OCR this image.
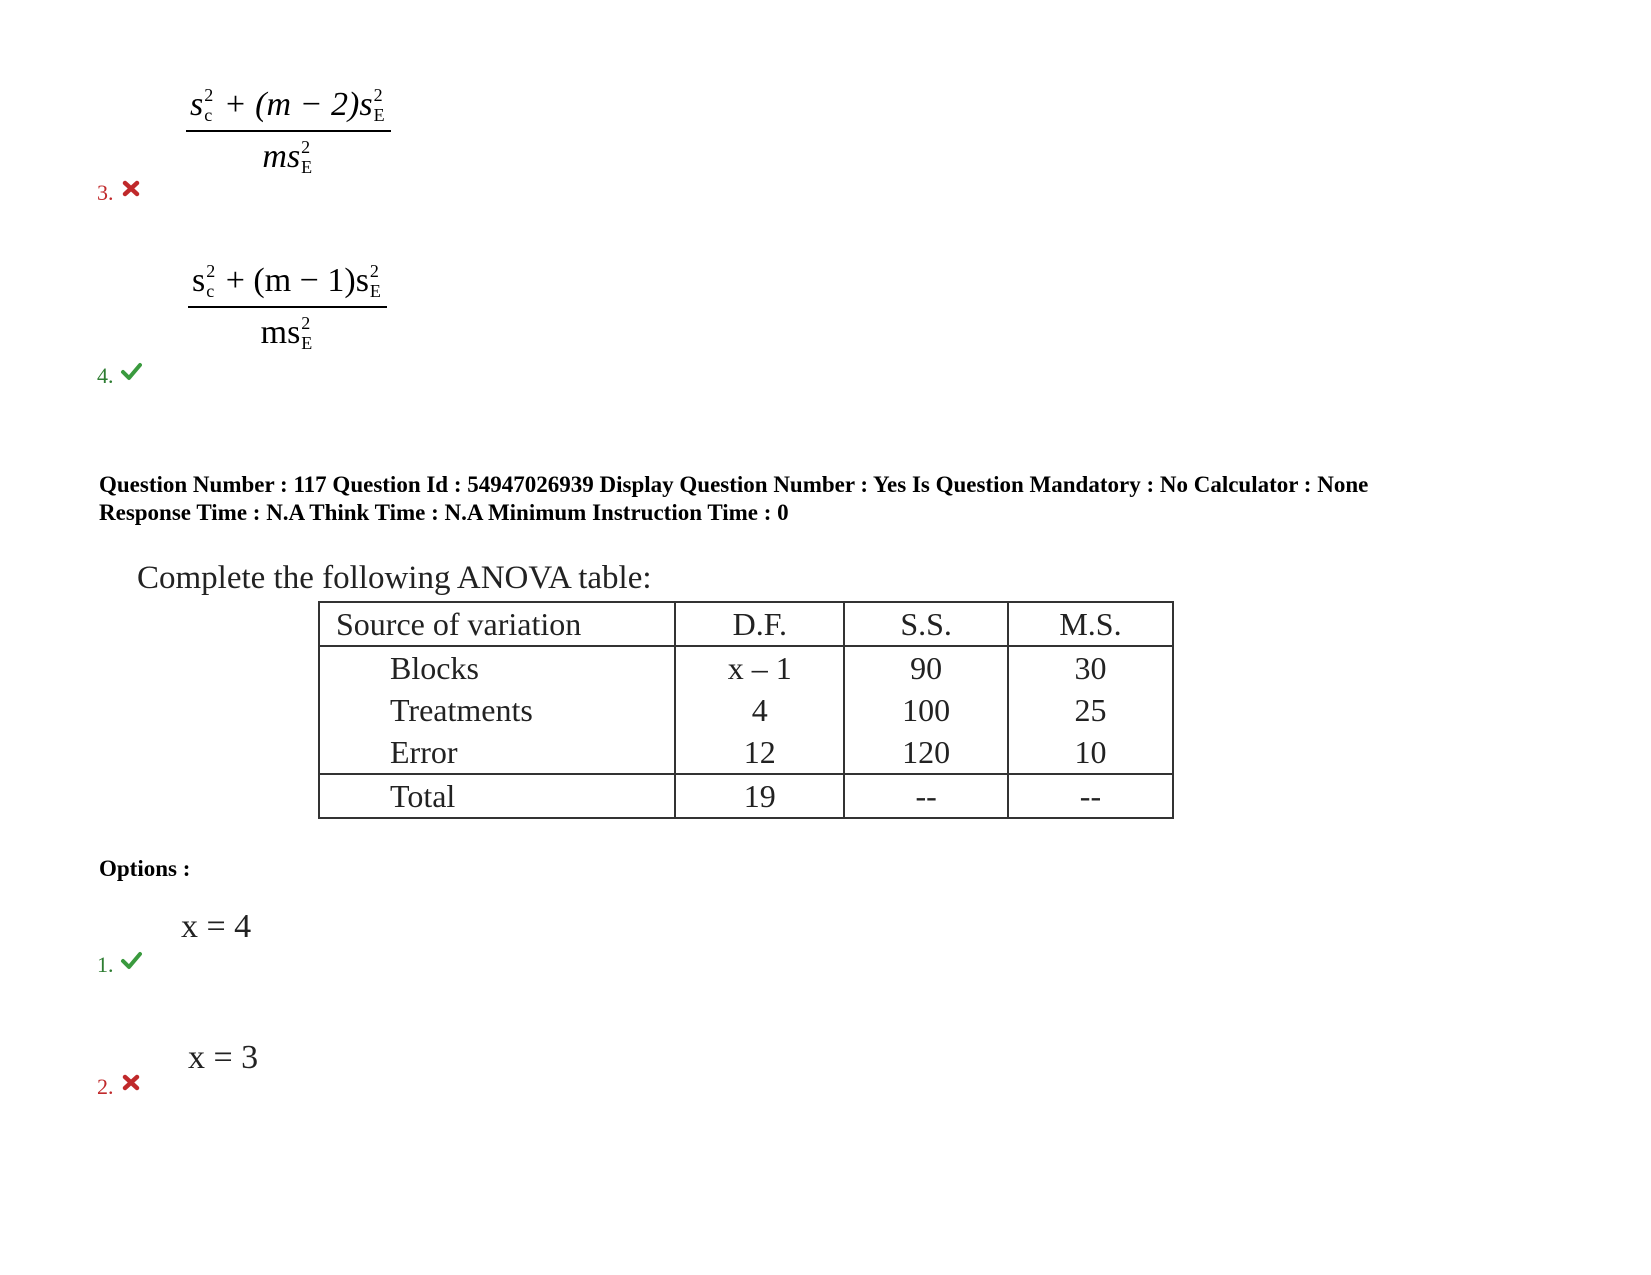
s 2
c + (m − 2)s 2
E
ms 2
E
3.
s 2
c + (m − 1)s 2
E
ms 2
E
4.
Question Number : 117 Question Id : 54947026939 Display Question Number : Yes Is Question Mandatory : No Calculator : None
Response Time : N.A Think Time : N.A Minimum Instruction Time : 0
Complete the following ANOVA table:
Source of variation	D.F.	S.S.	M.S.
Blocks	x – 1	90	30
Treatments	4	100	25
Error	12	120	10
Total	19	--	--
Options :
x = 4
1.
x = 3
2.
